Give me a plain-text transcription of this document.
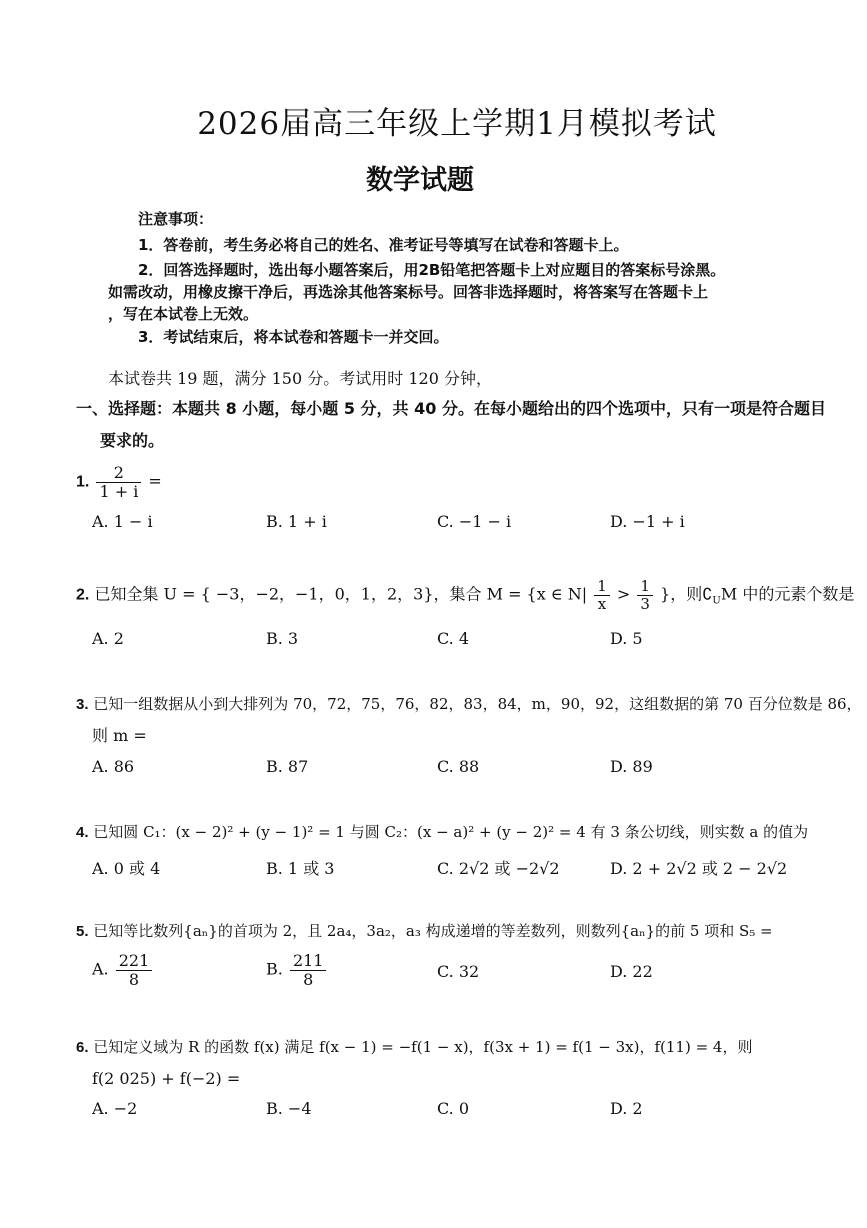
2026届高三年级上学期1月模拟考试
数学试题
注意事项：
1．答卷前，考生务必将自己的姓名、准考证号等填写在试卷和答题卡上。
2．回答选择题时，选出每小题答案后，用2B铅笔把答题卡上对应题目的答案标号涂黑。
如需改动，用橡皮擦干净后，再选涂其他答案标号。回答非选择题时，将答案写在答题卡上
，写在本试卷上无效。
3．考试结束后，将本试卷和答题卡一并交回。
本试卷共 19 题，满分 150 分。考试用时 120 分钟，
一、选择题：本题共 8 小题，每小题 5 分，共 40 分。在每小题给出的四个选项中，只有一项是符合题目
要求的。
1. $\frac{2}{1 + i}$ =
A. 1 − i	B. 1 + i	C. −1 − i	D. −1 + i
2. 已知全集 U = { −3，−2，−1，0，1，2，3}，集合 M = {x ∈ $N| \frac{1}{x} > \frac{1}{3}$ }，则$∁_UM$ 中的元素个数是
A. 2	B. 3	C. 4	D. 5
3. 已知一组数据从小到大排列为 70，72，75，76，82，83，84，m，90，92，这组数据的第 70 百分位数是 86，
则 m =
A. 86	B. 87	C. 88	D. 89
4. 已知圆 C₁：(x − 2)² + (y − 1)² = 1 与圆 C₂：(x − a)² + (y − 2)² = 4 有 3 条公切线，则实数 a 的值为
A. 0 或 4	B. 1 或 3	C. 2√2 或 −2√2	D. 2 + 2√2 或 2 − 2√2
5. 已知等比数列{aₙ}的首项为 2，且 2a₄，3a₂，a₃ 构成递增的等差数列，则数列{aₙ}的前 5 项和 S₅ =
A. $\frac{221}{8}$	B. $\frac{211}{8}$	C. 32	D. 22
6. 已知定义域为 R 的函数 f(x) 满足 f(x − 1) = −f(1 − x)，f(3x + 1) = f(1 − 3x)，f(11) = 4，则
f(2 025) + f(−2) =
A. −2	B. −4	C. 0	D. 2
